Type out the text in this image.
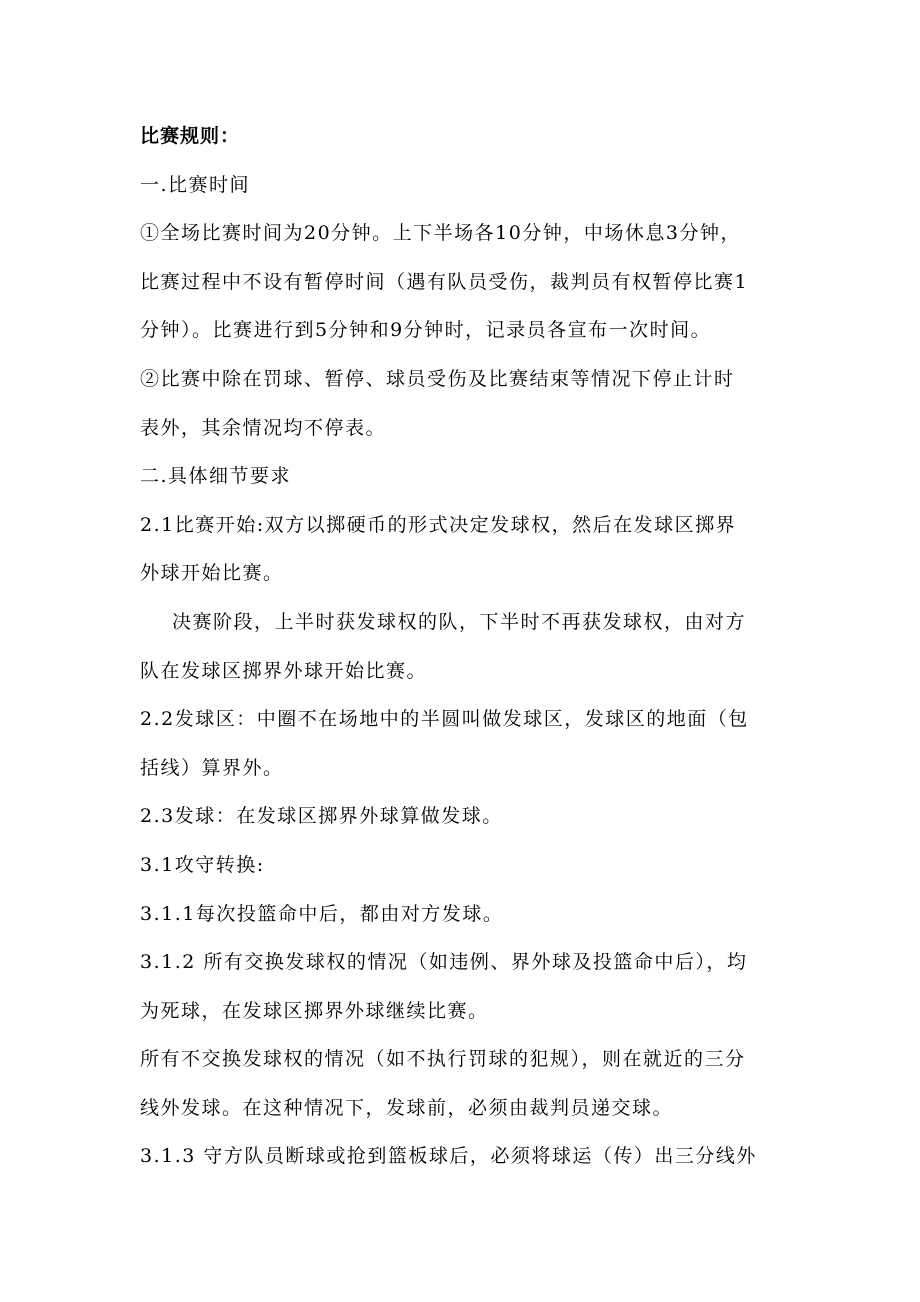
比赛规则：
一.比赛时间
①全场比赛时间为20分钟。上下半场各10分钟，中场休息3分钟，
比赛过程中不设有暂停时间（遇有队员受伤，裁判员有权暂停比赛1
分钟）。比赛进行到5分钟和9分钟时，记录员各宣布一次时间。
②比赛中除在罚球、暂停、球员受伤及比赛结束等情况下停止计时
表外，其余情况均不停表。
二.具体细节要求
2.1比赛开始:双方以掷硬币的形式决定发球权，然后在发球区掷界
外球开始比赛。
决赛阶段，上半时获发球权的队，下半时不再获发球权，由对方
队在发球区掷界外球开始比赛。
2.2发球区：中圈不在场地中的半圆叫做发球区，发球区的地面（包
括线）算界外。
2.3发球：在发球区掷界外球算做发球。
3.1攻守转换:
3.1.1每次投篮命中后，都由对方发球。
3.1.2 所有交换发球权的情况（如违例、界外球及投篮命中后），均
为死球，在发球区掷界外球继续比赛。
所有不交换发球权的情况（如不执行罚球的犯规），则在就近的三分
线外发球。在这种情况下，发球前，必须由裁判员递交球。
3.1.3 守方队员断球或抢到篮板球后，必须将球运（传）出三分线外
